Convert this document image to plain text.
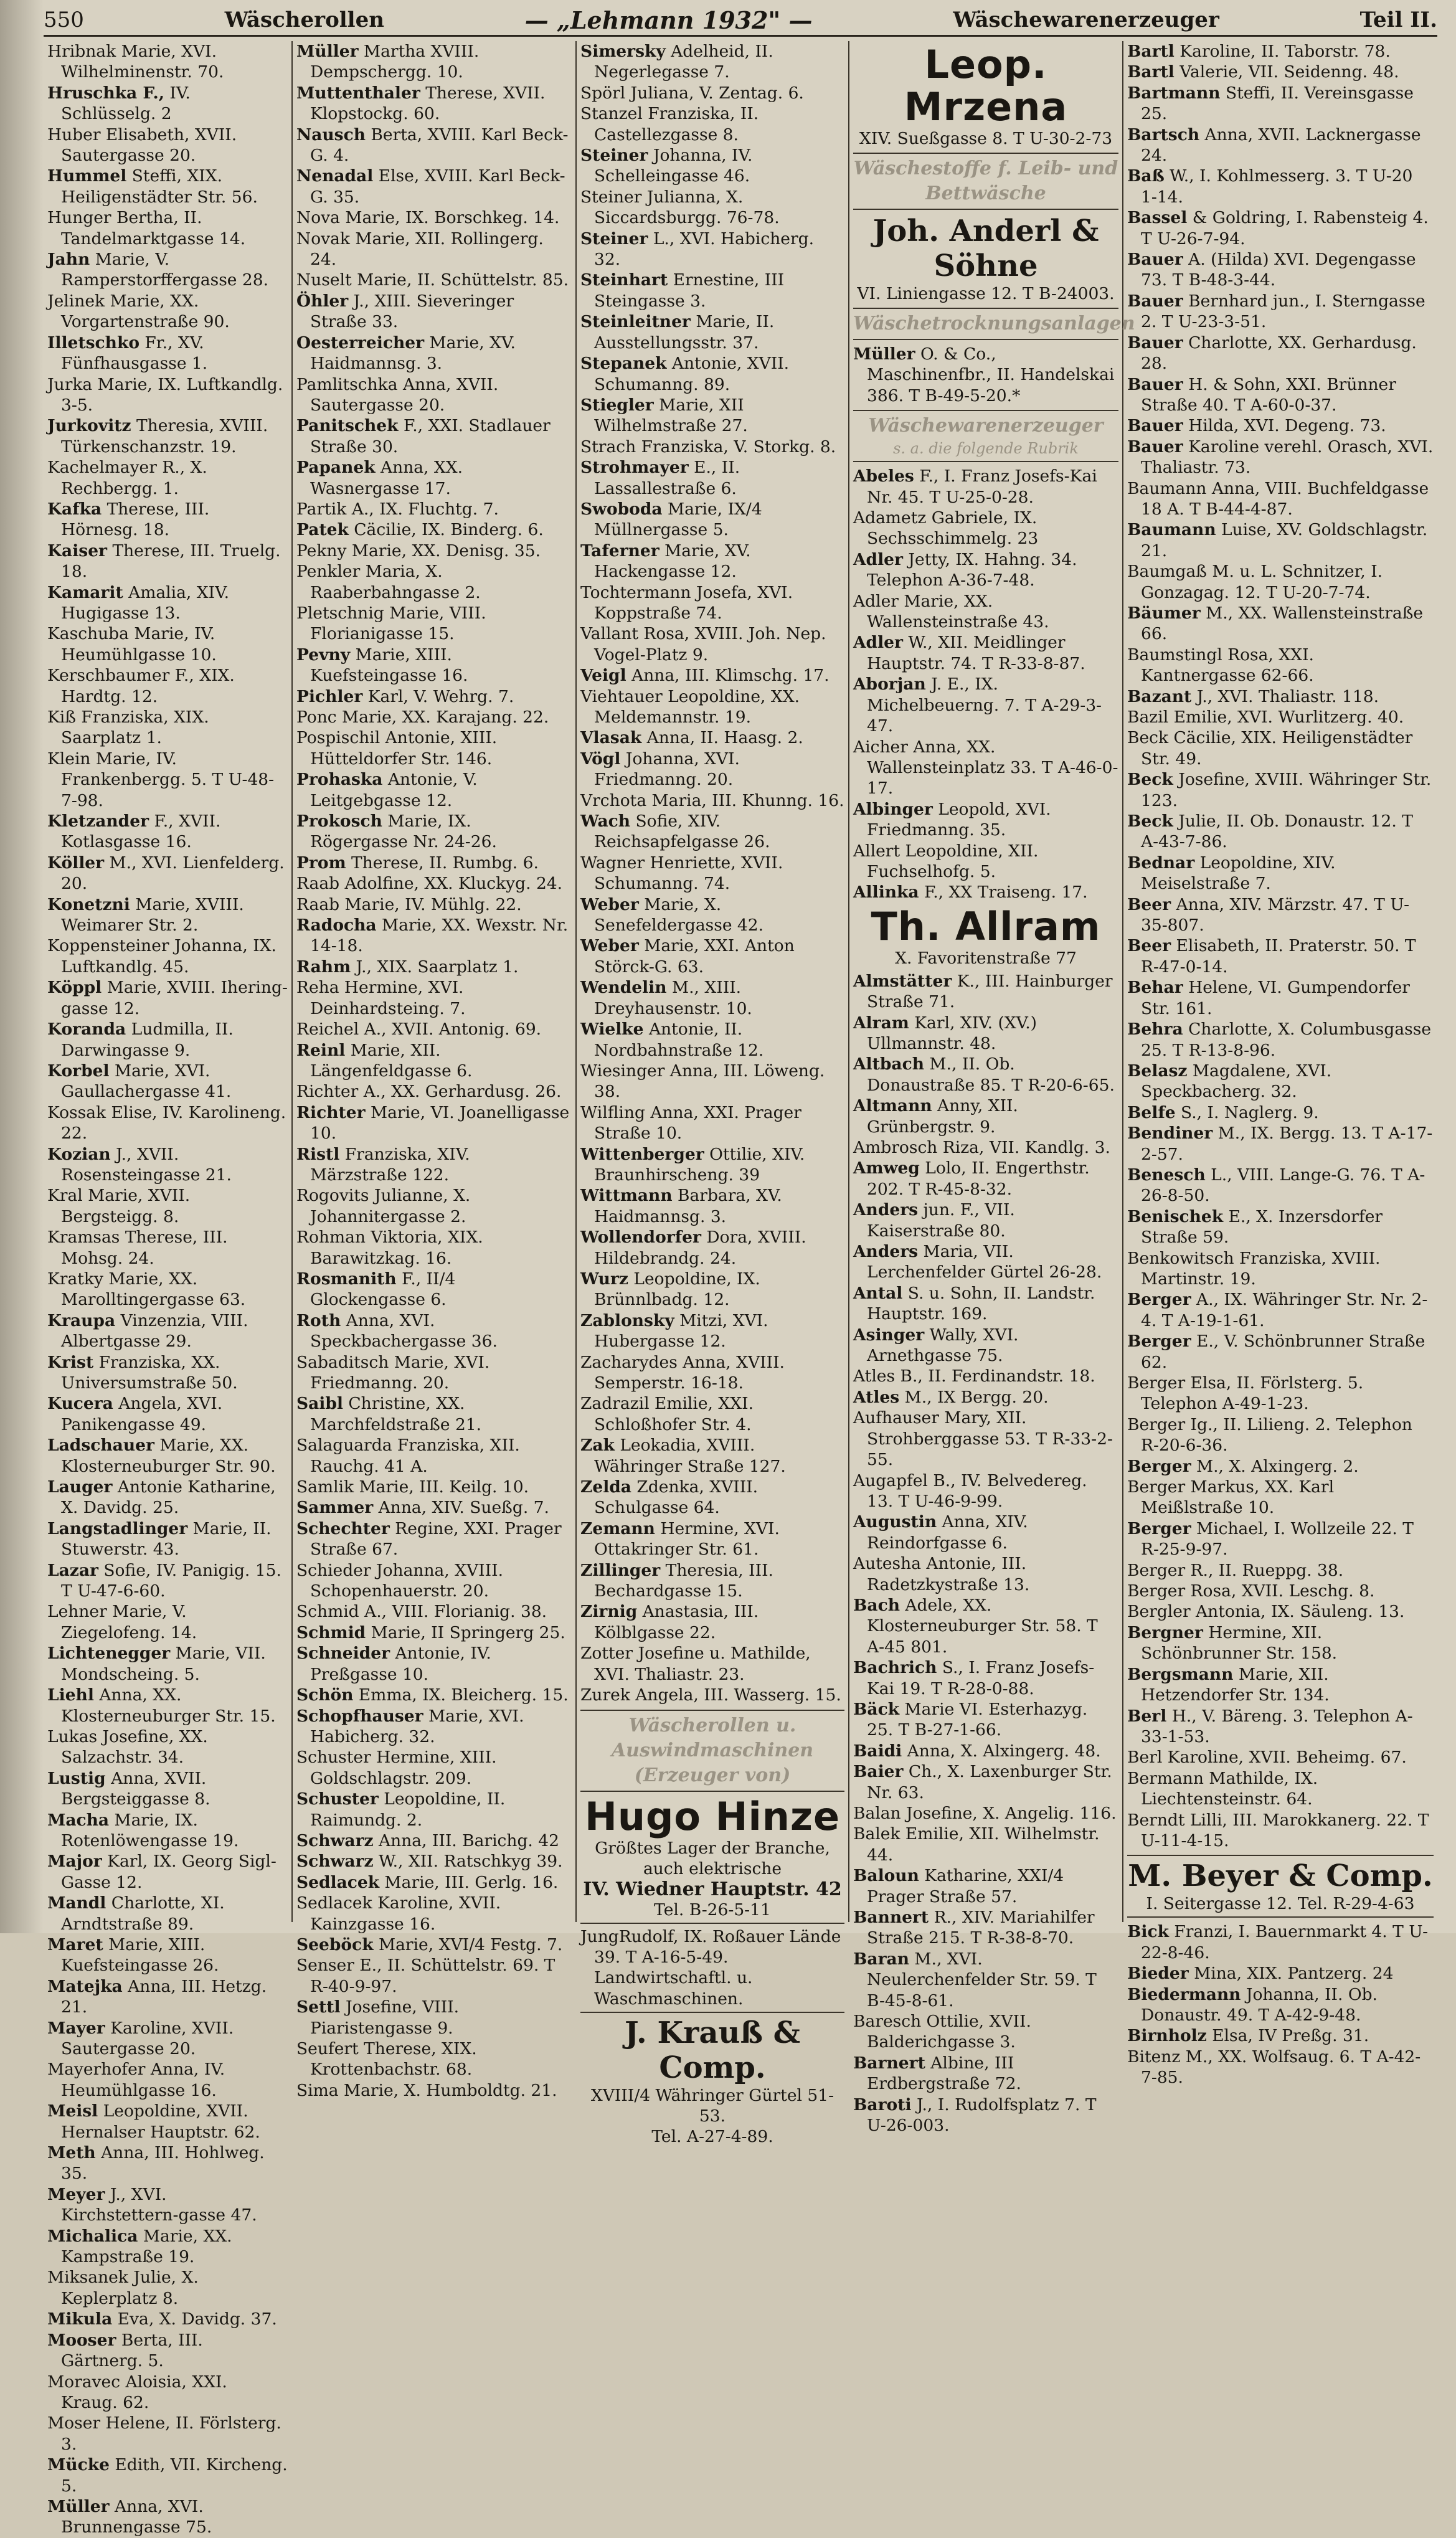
550	Wäscherollen	— „Lehmann 1932" —	Wäschewarenerzeuger	Teil II.
Hribnak Marie, XVI. Wilhelminenstr. 70.
Hruschka F., IV. Schlüsselg. 2
Huber Elisabeth, XVII. Sautergasse 20.
Hummel Steffi, XIX. Heiligenstädter Str. 56.
Hunger Bertha, II. Tandelmarktgasse 14.
Jahn Marie, V. Ramperstorffergasse 28.
Jelinek Marie, XX. Vorgartenstraße 90.
Illetschko Fr., XV. Fünfhausgasse 1.
Jurka Marie, IX. Luftkandlg. 3-5.
Jurkovitz Theresia, XVIII. Türkenschanzstr. 19.
Kachelmayer R., X. Rechbergg. 1.
Kafka Therese, III. Hörnesg. 18.
Kaiser Therese, III. Truelg. 18.
Kamarit Amalia, XIV. Hugigasse 13.
Kaschuba Marie, IV. Heumühlgasse 10.
Kerschbaumer F., XIX. Hardtg. 12.
Kiß Franziska, XIX. Saarplatz 1.
Klein Marie, IV. Frankenbergg. 5. T U-48-7-98.
Kletzander F., XVII. Kotlasgasse 16.
Köller M., XVI. Lienfelderg. 20.
Konetzni Marie, XVIII. Weimarer Str. 2.
Koppensteiner Johanna, IX. Luftkandlg. 45.
Köppl Marie, XVIII. Ihering-gasse 12.
Koranda Ludmilla, II. Darwingasse 9.
Korbel Marie, XVI. Gaullachergasse 41.
Kossak Elise, IV. Karolineng. 22.
Kozian J., XVII. Rosensteingasse 21.
Kral Marie, XVII. Bergsteigg. 8.
Kramsas Therese, III. Mohsg. 24.
Kratky Marie, XX. Marolltingergasse 63.
Kraupa Vinzenzia, VIII. Albertgasse 29.
Krist Franziska, XX. Universumstraße 50.
Kucera Angela, XVI. Panikengasse 49.
Ladschauer Marie, XX. Klosterneuburger Str. 90.
Lauger Antonie Katharine, X. Davidg. 25.
Langstadlinger Marie, II. Stuwerstr. 43.
Lazar Sofie, IV. Panigig. 15. T U-47-6-60.
Lehner Marie, V. Ziegelofeng. 14.
Lichtenegger Marie, VII. Mondscheing. 5.
Liehl Anna, XX. Klosterneuburger Str. 15.
Lukas Josefine, XX. Salzachstr. 34.
Lustig Anna, XVII. Bergsteiggasse 8.
Macha Marie, IX. Rotenlöwengasse 19.
Major Karl, IX. Georg Sigl-Gasse 12.
Mandl Charlotte, XI. Arndtstraße 89.
Maret Marie, XIII. Kuefsteingasse 26.
Matejka Anna, III. Hetzg. 21.
Mayer Karoline, XVII. Sautergasse 20.
Mayerhofer Anna, IV. Heumühlgasse 16.
Meisl Leopoldine, XVII. Hernalser Hauptstr. 62.
Meth Anna, III. Hohlweg. 35.
Meyer J., XVI. Kirchstettern-gasse 47.
Michalica Marie, XX. Kampstraße 19.
Miksanek Julie, X. Keplerplatz 8.
Mikula Eva, X. Davidg. 37.
Mooser Berta, III. Gärtnerg. 5.
Moravec Aloisia, XXI. Kraug. 62.
Moser Helene, II. Förlsterg. 3.
Mücke Edith, VII. Kircheng. 5.
Müller Anna, XVI. Brunnengasse 75.
Müller Martha XVIII. Dempschergg. 10.
Muttenthaler Therese, XVII. Klopstockg. 60.
Nausch Berta, XVIII. Karl Beck-G. 4.
Nenadal Else, XVIII. Karl Beck-G. 35.
Nova Marie, IX. Borschkeg. 14.
Novak Marie, XII. Rollingerg. 24.
Nuselt Marie, II. Schüttelstr. 85.
Öhler J., XIII. Sieveringer Straße 33.
Oesterreicher Marie, XV. Haidmannsg. 3.
Pamlitschka Anna, XVII. Sautergasse 20.
Panitschek F., XXI. Stadlauer Straße 30.
Papanek Anna, XX. Wasnergasse 17.
Partik A., IX. Fluchtg. 7.
Patek Cäcilie, IX. Binderg. 6.
Pekny Marie, XX. Denisg. 35.
Penkler Maria, X. Raaberbahngasse 2.
Pletschnig Marie, VIII. Florianigasse 15.
Pevny Marie, XIII. Kuefsteingasse 16.
Pichler Karl, V. Wehrg. 7.
Ponc Marie, XX. Karajang. 22.
Pospischil Antonie, XIII. Hütteldorfer Str. 146.
Prohaska Antonie, V. Leitgebgasse 12.
Prokosch Marie, IX. Rögergasse Nr. 24-26.
Prom Therese, II. Rumbg. 6.
Raab Adolfine, XX. Kluckyg. 24.
Raab Marie, IV. Mühlg. 22.
Radocha Marie, XX. Wexstr. Nr. 14-18.
Rahm J., XIX. Saarplatz 1.
Reha Hermine, XVI. Deinhardsteing. 7.
Reichel A., XVII. Antonig. 69.
Reinl Marie, XII. Längenfeldgasse 6.
Richter A., XX. Gerhardusg. 26.
Richter Marie, VI. Joanelligasse 10.
Ristl Franziska, XIV. Märzstraße 122.
Rogovits Julianne, X. Johannitergasse 2.
Rohman Viktoria, XIX. Barawitzkag. 16.
Rosmanith F., II/4 Glockengasse 6.
Roth Anna, XVI. Speckbachergasse 36.
Sabaditsch Marie, XVI. Friedmanng. 20.
Saibl Christine, XX. Marchfeldstraße 21.
Salaguarda Franziska, XII. Rauchg. 41 A.
Samlik Marie, III. Keilg. 10.
Sammer Anna, XIV. Sueßg. 7.
Schechter Regine, XXI. Prager Straße 67.
Schieder Johanna, XVIII. Schopenhauerstr. 20.
Schmid A., VIII. Florianig. 38.
Schmid Marie, II Springerg 25.
Schneider Antonie, IV. Preßgasse 10.
Schön Emma, IX. Bleicherg. 15.
Schopfhauser Marie, XVI. Habicherg. 32.
Schuster Hermine, XIII. Goldschlagstr. 209.
Schuster Leopoldine, II. Raimundg. 2.
Schwarz Anna, III. Barichg. 42
Schwarz W., XII. Ratschkyg 39.
Sedlacek Marie, III. Gerlg. 16.
Sedlacek Karoline, XVII. Kainzgasse 16.
Seeböck Marie, XVI/4 Festg. 7.
Senser E., II. Schüttelstr. 69. T R-40-9-97.
Settl Josefine, VIII. Piaristengasse 9.
Seufert Therese, XIX. Krottenbachstr. 68.
Sima Marie, X. Humboldtg. 21.
Simersky Adelheid, II. Negerlegasse 7.
Spörl Juliana, V. Zentag. 6.
Stanzel Franziska, II. Castellezgasse 8.
Steiner Johanna, IV. Schelleingasse 46.
Steiner Julianna, X. Siccardsburgg. 76-78.
Steiner L., XVI. Habicherg. 32.
Steinhart Ernestine, III Steingasse 3.
Steinleitner Marie, II. Ausstellungsstr. 37.
Stepanek Antonie, XVII. Schumanng. 89.
Stiegler Marie, XII Wilhelmstraße 27.
Strach Franziska, V. Storkg. 8.
Strohmayer E., II. Lassallestraße 6.
Swoboda Marie, IX/4 Müllnergasse 5.
Taferner Marie, XV. Hackengasse 12.
Tochtermann Josefa, XVI. Koppstraße 74.
Vallant Rosa, XVIII. Joh. Nep. Vogel-Platz 9.
Veigl Anna, III. Klimschg. 17.
Viehtauer Leopoldine, XX. Meldemannstr. 19.
Vlasak Anna, II. Haasg. 2.
Vögl Johanna, XVI. Friedmanng. 20.
Vrchota Maria, III. Khunng. 16.
Wach Sofie, XIV. Reichsapfelgasse 26.
Wagner Henriette, XVII. Schumanng. 74.
Weber Marie, X. Senefeldergasse 42.
Weber Marie, XXI. Anton Störck-G. 63.
Wendelin M., XIII. Dreyhausenstr. 10.
Wielke Antonie, II. Nordbahnstraße 12.
Wiesinger Anna, III. Löweng. 38.
Wilfling Anna, XXI. Prager Straße 10.
Wittenberger Ottilie, XIV. Braunhirscheng. 39
Wittmann Barbara, XV. Haidmannsg. 3.
Wollendorfer Dora, XVIII. Hildebrandg. 24.
Wurz Leopoldine, IX. Brünnlbadg. 12.
Zablonsky Mitzi, XVI. Hubergasse 12.
Zacharydes Anna, XVIII. Semperstr. 16-18.
Zadrazil Emilie, XXI. Schloßhofer Str. 4.
Zak Leokadia, XVIII. Währinger Straße 127.
Zelda Zdenka, XVIII. Schulgasse 64.
Zemann Hermine, XVI. Ottakringer Str. 61.
Zillinger Theresia, III. Bechardgasse 15.
Zirnig Anastasia, III. Kölblgasse 22.
Zotter Josefine u. Mathilde, XVI. Thaliastr. 23.
Zurek Angela, III. Wasserg. 15.
Wäscherollen u. Auswindmaschinen (Erzeuger von)
Hugo Hinze
Größtes Lager der Branche, auch elektrische
IV. Wiedner Hauptstr. 42
Tel. B-26-5-11
JungRudolf, IX. Roßauer Lände 39. T A-16-5-49. Landwirtschaftl. u. Waschmaschinen.
J. Krauß & Comp.
XVIII/4 Währinger Gürtel 51-53.
Tel. A-27-4-89.
Leop. Mrzena
XIV. Sueßgasse 8. T U-30-2-73
Wäschestoffe f. Leib- und Bettwäsche
Joh. Anderl & Söhne
VI. Liniengasse 12. T B-24003.
Wäschetrocknungsanlagen
Müller O. & Co., Maschinenfbr., II. Handelskai 386. T B-49-5-20.*
Wäschewarenerzeuger
s. a. die folgende Rubrik
Abeles F., I. Franz Josefs-Kai Nr. 45. T U-25-0-28.
Adametz Gabriele, IX. Sechsschimmelg. 23
Adler Jetty, IX. Hahng. 34. Telephon A-36-7-48.
Adler Marie, XX. Wallensteinstraße 43.
Adler W., XII. Meidlinger Hauptstr. 74. T R-33-8-87.
Aborjan J. E., IX. Michelbeuerng. 7. T A-29-3-47.
Aicher Anna, XX. Wallensteinplatz 33. T A-46-0-17.
Albinger Leopold, XVI. Friedmanng. 35.
Allert Leopoldine, XII. Fuchselhofg. 5.
Allinka F., XX Traiseng. 17.
Th. Allram
X. Favoritenstraße 77
Almstätter K., III. Hainburger Straße 71.
Alram Karl, XIV. (XV.) Ullmannstr. 48.
Altbach M., II. Ob. Donaustraße 85. T R-20-6-65.
Altmann Anny, XII. Grünbergstr. 9.
Ambrosch Riza, VII. Kandlg. 3.
Amweg Lolo, II. Engerthstr. 202. T R-45-8-32.
Anders jun. F., VII. Kaiserstraße 80.
Anders Maria, VII. Lerchenfelder Gürtel 26-28.
Antal S. u. Sohn, II. Landstr. Hauptstr. 169.
Asinger Wally, XVI. Arnethgasse 75.
Atles B., II. Ferdinandstr. 18.
Atles M., IX Bergg. 20.
Aufhauser Mary, XII. Strohberggasse 53. T R-33-2-55.
Augapfel B., IV. Belvedereg. 13. T U-46-9-99.
Augustin Anna, XIV. Reindorfgasse 6.
Autesha Antonie, III. Radetzkystraße 13.
Bach Adele, XX. Klosterneuburger Str. 58. T A-45 801.
Bachrich S., I. Franz Josefs-Kai 19. T R-28-0-88.
Bäck Marie VI. Esterhazyg. 25. T B-27-1-66.
Baidi Anna, X. Alxingerg. 48.
Baier Ch., X. Laxenburger Str. Nr. 63.
Balan Josefine, X. Angelig. 116.
Balek Emilie, XII. Wilhelmstr. 44.
Baloun Katharine, XXI/4 Prager Straße 57.
Bannert R., XIV. Mariahilfer Straße 215. T R-38-8-70.
Baran M., XVI. Neulerchenfelder Str. 59. T B-45-8-61.
Baresch Ottilie, XVII. Balderichgasse 3.
Barnert Albine, III Erdbergstraße 72.
Baroti J., I. Rudolfsplatz 7. T U-26-003.
Bartl Karoline, II. Taborstr. 78.
Bartl Valerie, VII. Seidenng. 48.
Bartmann Steffi, II. Vereinsgasse 25.
Bartsch Anna, XVII. Lacknergasse 24.
Baß W., I. Kohlmesserg. 3. T U-20 1-14.
Bassel & Goldring, I. Rabensteig 4. T U-26-7-94.
Bauer A. (Hilda) XVI. Degengasse 73. T B-48-3-44.
Bauer Bernhard jun., I. Sterngasse 2. T U-23-3-51.
Bauer Charlotte, XX. Gerhardusg. 28.
Bauer H. & Sohn, XXI. Brünner Straße 40. T A-60-0-37.
Bauer Hilda, XVI. Degeng. 73.
Bauer Karoline verehl. Orasch, XVI. Thaliastr. 73.
Baumann Anna, VIII. Buchfeldgasse 18 A. T B-44-4-87.
Baumann Luise, XV. Goldschlagstr. 21.
Baumgaß M. u. L. Schnitzer, I. Gonzagag. 12. T U-20-7-74.
Bäumer M., XX. Wallensteinstraße 66.
Baumstingl Rosa, XXI. Kantnergasse 62-66.
Bazant J., XVI. Thaliastr. 118.
Bazil Emilie, XVI. Wurlitzerg. 40.
Beck Cäcilie, XIX. Heiligenstädter Str. 49.
Beck Josefine, XVIII. Währinger Str. 123.
Beck Julie, II. Ob. Donaustr. 12. T A-43-7-86.
Bednar Leopoldine, XIV. Meiselstraße 7.
Beer Anna, XIV. Märzstr. 47. T U-35-807.
Beer Elisabeth, II. Praterstr. 50. T R-47-0-14.
Behar Helene, VI. Gumpendorfer Str. 161.
Behra Charlotte, X. Columbusgasse 25. T R-13-8-96.
Belasz Magdalene, XVI. Speckbacherg. 32.
Belfe S., I. Naglerg. 9.
Bendiner M., IX. Bergg. 13. T A-17-2-57.
Benesch L., VIII. Lange-G. 76. T A-26-8-50.
Benischek E., X. Inzersdorfer Straße 59.
Benkowitsch Franziska, XVIII. Martinstr. 19.
Berger A., IX. Währinger Str. Nr. 2-4. T A-19-1-61.
Berger E., V. Schönbrunner Straße 62.
Berger Elsa, II. Förlsterg. 5. Telephon A-49-1-23.
Berger Ig., II. Lilieng. 2. Telephon R-20-6-36.
Berger M., X. Alxingerg. 2.
Berger Markus, XX. Karl Meißlstraße 10.
Berger Michael, I. Wollzeile 22. T R-25-9-97.
Berger R., II. Rueppg. 38.
Berger Rosa, XVII. Leschg. 8.
Bergler Antonia, IX. Säuleng. 13.
Bergner Hermine, XII. Schönbrunner Str. 158.
Bergsmann Marie, XII. Hetzendorfer Str. 134.
Berl H., V. Bäreng. 3. Telephon A-33-1-53.
Berl Karoline, XVII. Beheimg. 67.
Bermann Mathilde, IX. Liechtensteinstr. 64.
Berndt Lilli, III. Marokkanerg. 22. T U-11-4-15.
M. Beyer & Comp.
I. Seitergasse 12. Tel. R-29-4-63
Bick Franzi, I. Bauernmarkt 4. T U-22-8-46.
Bieder Mina, XIX. Pantzerg. 24
Biedermann Johanna, II. Ob. Donaustr. 49. T A-42-9-48.
Birnholz Elsa, IV Preßg. 31.
Bitenz M., XX. Wolfsaug. 6. T A-42-7-85.
